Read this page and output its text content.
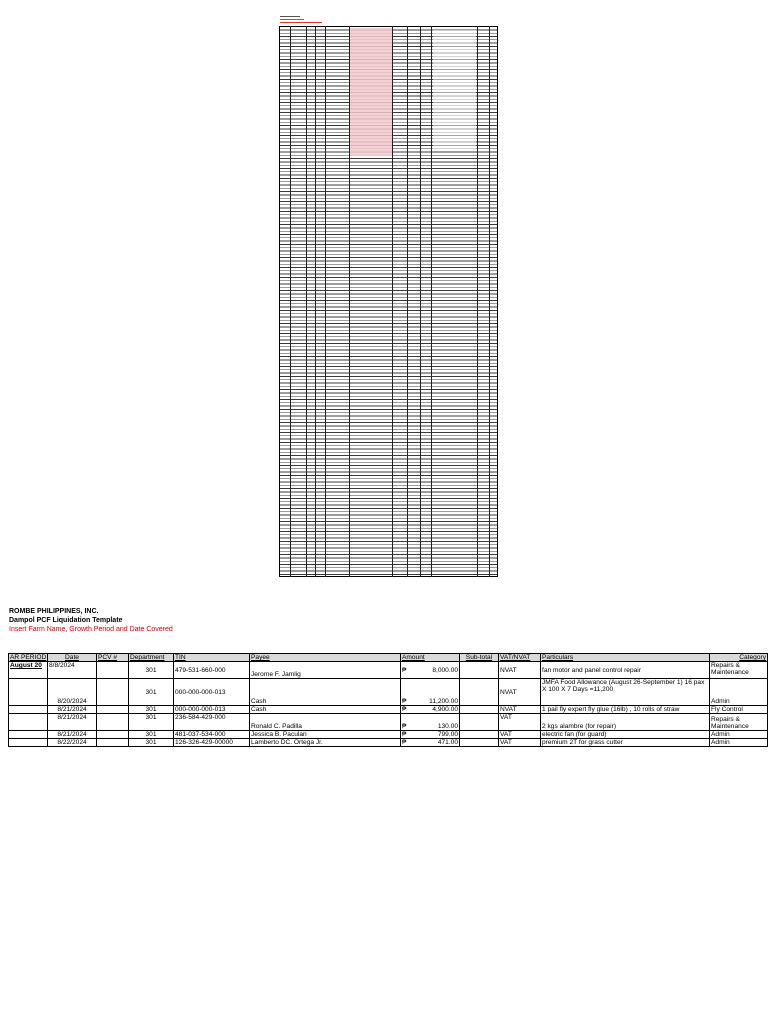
ROMBE PHILIPPINES, INC.
Dampol PCF Liquidation Template
Insert Farm Name, Growth Period and Date Covered
AR PERIOD	Date	PCV #	Department	TIN	Payee	Amount	Sub-total	VAT/NVAT	Particulars	Category
August 20	8/8/2024		301	479-531-660-000	Jerome F. Jamlig	₱ 8,000.00		NVAT	fan motor and panel control repair	Repairs & Maintenance
	8/20/2024		301	000-000-000-013	Cash	₱ 11,200.00		NVAT	JMFA Food Allowance (August 26-September 1) 16 pax X 100 X 7 Days =11,200	Admin
	8/21/2024		301	000-000-000-013	Cash	₱ 4,900.00		NVAT	1 pail fly expert fly glue (16lb) , 10 rolls of straw	Fly Control
	8/21/2024		301	236-584-429-000	Ronald C. Padilla	₱ 130.00		VAT	2 kgs alambre (for repair)	Repairs & Maintenance
	8/21/2024		301	481-037-534-000	Jessica B. Paculan	₱ 799.00		VAT	electric fan (for guard)	Admin
	8/22/2024		301	126-326-429-00000	Lamberto DC. Ortega Jr.	₱ 471.00		VAT	premium 2T for grass cutter	Admin
